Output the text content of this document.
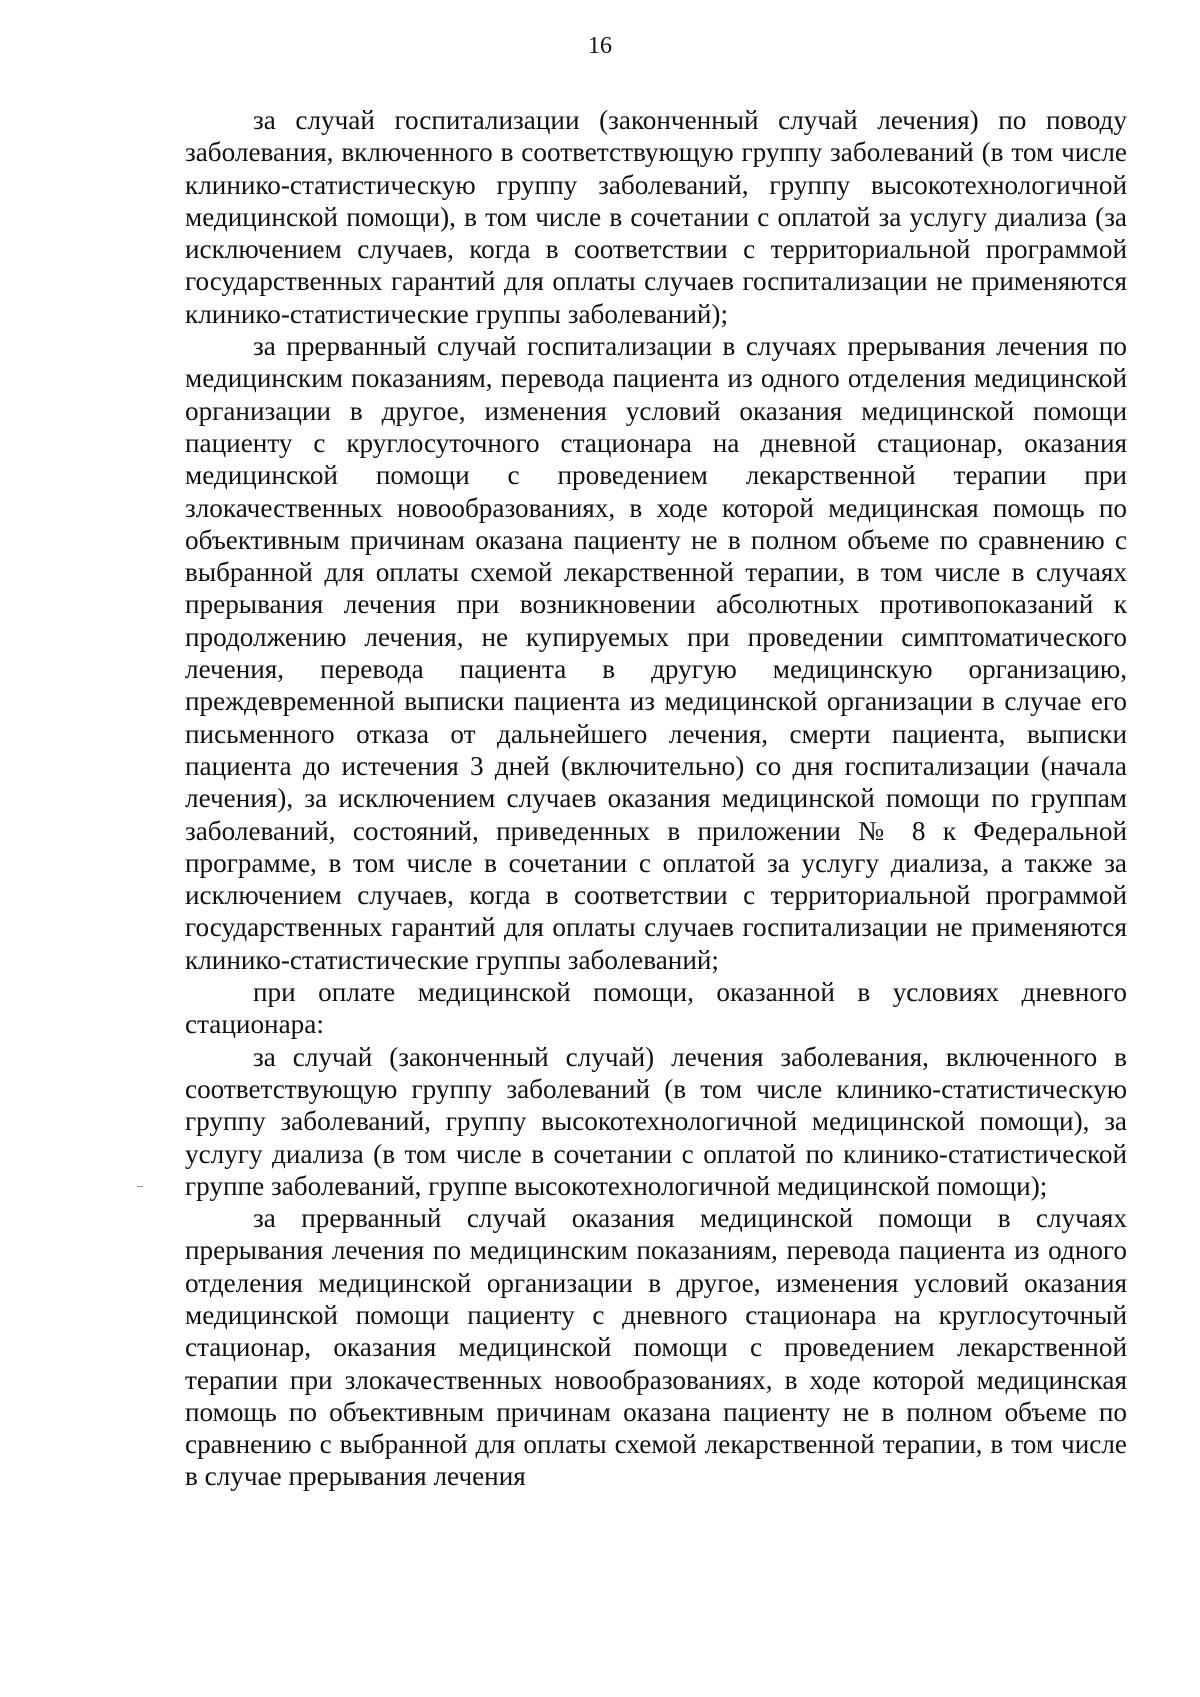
16

за случай госпитализации (законченный случай лечения) по поводу заболевания, включенного в соответствующую группу заболеваний (в том числе клинико-статистическую группу заболеваний, группу высокотехнологичной медицинской помощи), в том числе в сочетании с оплатой за услугу диализа (за исключением случаев, когда в соответствии с территориальной программой государственных гарантий для оплаты случаев госпитализации не применяются клинико-статистические группы заболеваний);

за прерванный случай госпитализации в случаях прерывания лечения по медицинским показаниям, перевода пациента из одного отделения медицинской организации в другое, изменения условий оказания медицинской помощи пациенту с круглосуточного стационара на дневной стационар, оказания медицинской помощи с проведением лекарственной терапии при злокачественных новообразованиях, в ходе которой медицинская помощь по объективным причинам оказана пациенту не в полном объеме по сравнению с выбранной для оплаты схемой лекарственной терапии, в том числе в случаях прерывания лечения при возникновении абсолютных противопоказаний к продолжению лечения, не купируемых при проведении симптоматического лечения, перевода пациента в другую медицинскую организацию, преждевременной выписки пациента из медицинской организации в случае его письменного отказа от дальнейшего лечения, смерти пациента, выписки пациента до истечения 3 дней (включительно) со дня госпитализации (начала лечения), за исключением случаев оказания медицинской помощи по группам заболеваний, состояний, приведенных в приложении № 8 к Федеральной программе, в том числе в сочетании с оплатой за услугу диализа, а также за исключением случаев, когда в соответствии с территориальной программой государственных гарантий для оплаты случаев госпитализации не применяются клинико-статистические группы заболеваний;

при оплате медицинской помощи, оказанной в условиях дневного стационара:

за случай (законченный случай) лечения заболевания, включенного в соответствующую группу заболеваний (в том числе клинико-статистическую группу заболеваний, группу высокотехнологичной медицинской помощи), за услугу диализа (в том числе в сочетании с оплатой по клинико-статистической группе заболеваний, группе высокотехнологичной медицинской помощи);

за прерванный случай оказания медицинской помощи в случаях прерывания лечения по медицинским показаниям, перевода пациента из одного отделения медицинской организации в другое, изменения условий оказания медицинской помощи пациенту с дневного стационара на круглосуточный стационар, оказания медицинской помощи с проведением лекарственной терапии при злокачественных новообразованиях, в ходе которой медицинская помощь по объективным причинам оказана пациенту не в полном объеме по сравнению с выбранной для оплаты схемой лекарственной терапии, в том числе в случае прерывания лечения
